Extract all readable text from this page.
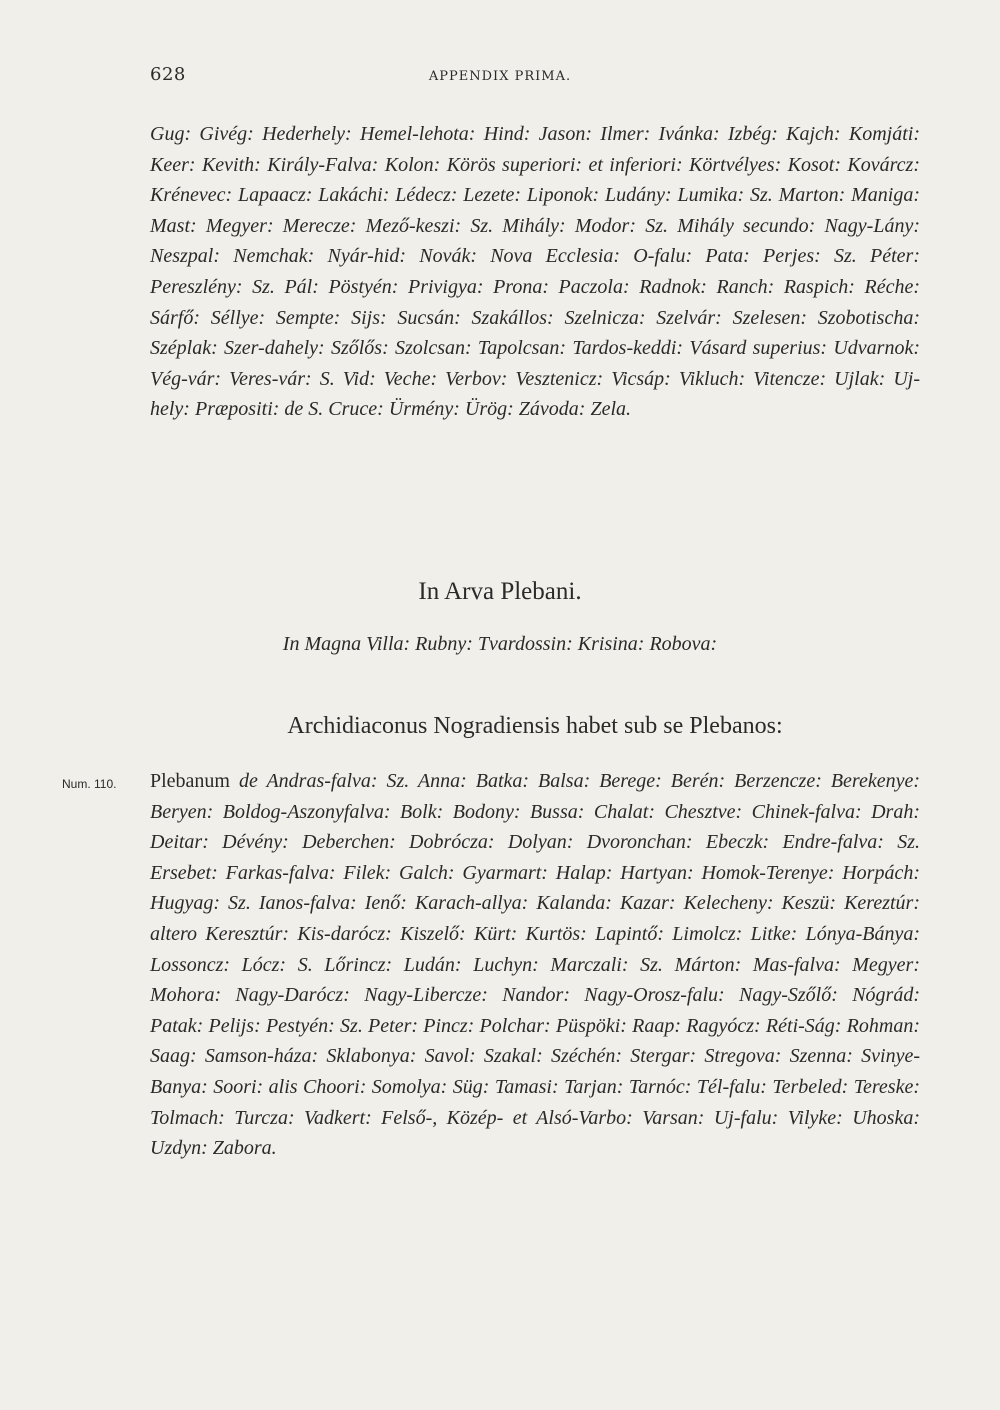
628	APPENDIX PRIMA.
Gug: Givég: Hederhely: Hemel-lehota: Hind: Jason: Ilmer: Ivánka: Izbég: Kajch: Komjáti: Keer: Kevith: Király-Falva: Kolon: Körös superiori: et inferiori: Körtvélyes: Kosot: Kovárcz: Krénevec: Lapaacz: Lakáchi: Lédecz: Lezete: Liponok: Ludány: Lumika: Sz. Marton: Maniga: Mast: Megyer: Merecze: Mező-keszi: Sz. Mihály: Modor: Sz. Mihály secundo: Nagy-Lány: Neszpal: Nemchak: Nyár-hid: Novák: Nova Ecclesia: O-falu: Pata: Perjes: Sz. Péter: Pereszlény: Sz. Pál: Pöstyén: Privigya: Prona: Paczola: Radnok: Ranch: Raspich: Réche: Sárfő: Séllye: Sempte: Sijs: Sucsán: Szakállos: Szelnicza: Szelvár: Szelesen: Szobotischa: Széplak: Szer-dahely: Szőlős: Szolcsan: Tapolcsan: Tardos-keddi: Vásard superius: Udvarnok: Vég-vár: Veres-vár: S. Vid: Veche: Verbov: Vesztenicz: Vicsáp: Vikluch: Vitencze: Ujlak: Uj-hely: Præpositi: de S. Cruce: Ürmény: Ürög: Závoda: Zela.
In Arva Plebani.
In Magna Villa: Rubny: Tvardossin: Krisina: Robova:
Archidiaconus Nogradiensis habet sub se Plebanos:
Num. 110. Plebanum de Andras-falva: Sz. Anna: Batka: Balsa: Berege: Berén: Berzencze: Berekenye: Beryen: Boldog-Aszonyfalva: Bolk: Bodony: Bussa: Chalat: Chesztve: Chinek-falva: Drah: Deitar: Dévény: Deberchen: Dobrócza: Dolyan: Dvoronchan: Ebeczk: Endre-falva: Sz. Ersebet: Farkas-falva: Filek: Galch: Gyarmart: Halap: Hartyan: Homok-Terenye: Horpách: Hugyag: Sz. Ianos-falva: Ienő: Karach-allya: Kalanda: Kazar: Kelecheny: Keszü: Kereztúr: altero Keresztúr: Kis-darócz: Kiszelő: Kürt: Kurtös: Lapintő: Limolcz: Litke: Lónya-Bánya: Lossoncz: Lócz: S. Lőrincz: Ludán: Luchyn: Marczali: Sz. Márton: Mas-falva: Megyer: Mohora: Nagy-Darócz: Nagy-Libercze: Nandor: Nagy-Orosz-falu: Nagy-Szőlő: Nógrád: Patak: Pelijs: Pestyén: Sz. Peter: Pincz: Polchar: Püspöki: Raap: Ragyócz: Réti-Ság: Rohman: Saag: Samson-háza: Sklabonya: Savol: Szakal: Széchén: Stergar: Stregova: Szenna: Svinye-Banya: Soori: alis Choori: Somolya: Süg: Tamasi: Tarjan: Tarnóc: Tél-falu: Terbeled: Tereske: Tolmach: Turcza: Vadkert: Felső-, Közép- et Alsó-Varbo: Varsan: Uj-falu: Vilyke: Uhoska: Uzdyn: Zabora.
